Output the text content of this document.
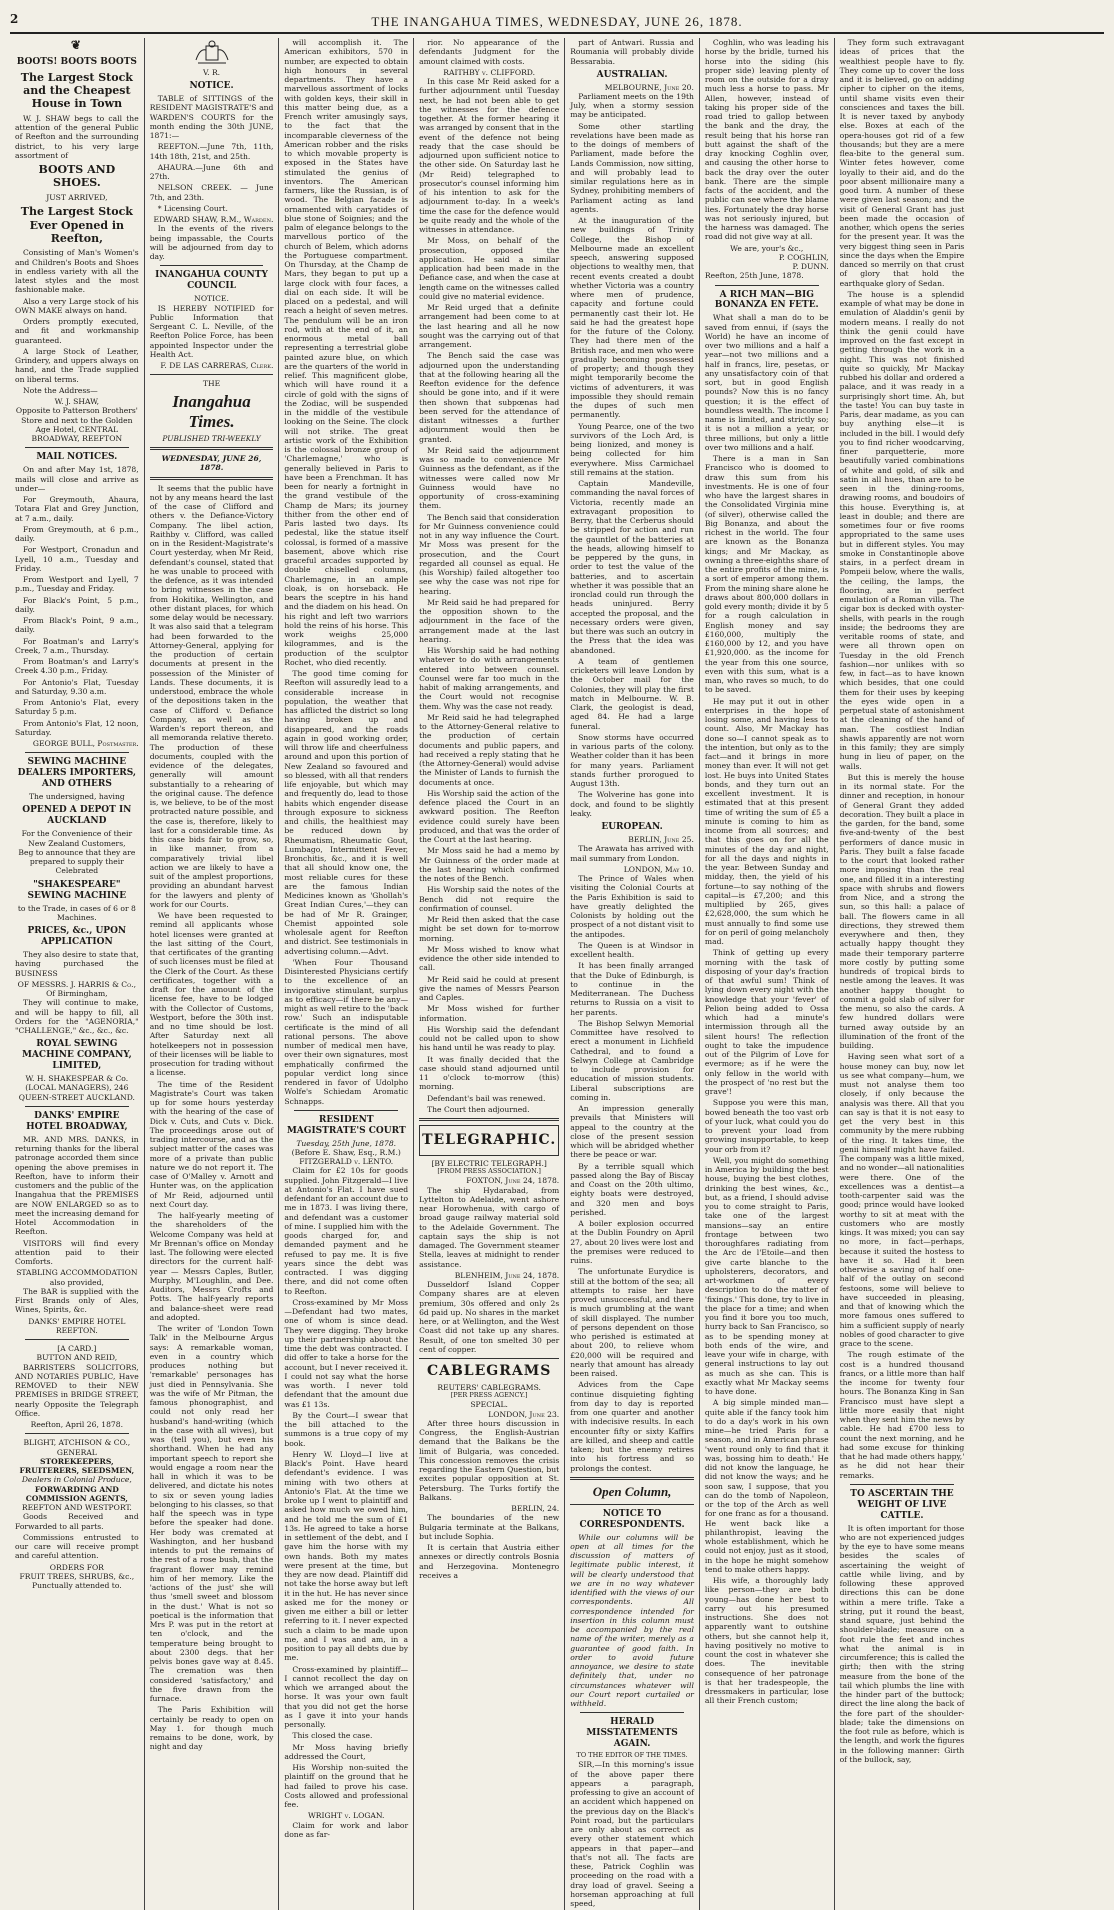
2	THE INANGAHUA TIMES, WEDNESDAY, JUNE 26, 1878.
❦
BOOTS! BOOTS BOOTS
The Largest Stock and the Cheapest House in Town

W. J. SHAW begs to call the attention of the general Public of Reefton and the surrounding district, to his very large assortment of

BOOTS AND SHOES.
JUST ARRIVED,
The Largest Stock Ever Opened in Reefton,

Consisting of Man's Women's and Children's Boots and Shoes in endless variety with all the latest styles and the most fashionable make.

Also a very Large stock of his OWN MAKE always on hand.

Orders promptly executed, and fit and workmanship guaranteed.

A large Stock of Leather, Grindery, and uppers always on hand, and the Trade supplied on liberal terms.

Note the Address—

W. J. SHAW,
Opposite to Patterson Brothers' Store and next to the Golden Age Hotel, CENTRAL BROADWAY, REEFTON
MAIL NOTICES.

On and after May 1st, 1878, mails will close and arrive as under—

For Greymouth, Ahaura, Totara Flat and Grey Junction, at 7 a.m., daily.

From Greymouth, at 6 p.m., daily.

For Westport, Cronadun and Lyell, 10 a.m., Tuesday and Friday.

From Westport and Lyell, 7 p.m., Tuesday and Friday.

For Black's Point, 5 p.m., daily.

From Black's Point, 9 a.m., daily.

For Boatman's and Larry's Creek, 7 a.m., Thursday.

From Boatman's and Larry's Creek 4.30 p.m., Friday.

For Antonio's Flat, Tuesday and Saturday, 9.30 a.m.

From Antonio's Flat, every Saturday 5 p.m.

From Antonio's Flat, 12 noon, Saturday.

GEORGE BULL, Postmaster.
SEWING MACHINE DEALERS IMPORTERS, AND OTHERS
The undersigned, having
OPENED A DEPOT IN AUCKLAND
For the Convenience of their New Zealand Customers,
Beg to announce that they are prepared to supply their Celebrated
"SHAKESPEARE" SEWING MACHINE
to the Trade, in cases of 6 or 8 Machines.
PRICES, &c., UPON APPLICATION

They also desire to state that, having purchased the BUSINESS

OF MESSRS. J. HARRIS & Co.,
Of Birmingham,

They will continue to make, and will be happy to fill, all Orders for the "AGENORIA," "CHALLENGE," &c., &c., &c.

ROYAL SEWING MACHINE COMPANY, LIMITED,
W. H. SHAKESPEAR & Co. (LOCAL MANAGERS), 246 QUEEN-STREET AUCKLAND.
DANKS' EMPIRE HOTEL BROADWAY,

MR. AND MRS. DANKS, in returning thanks for the liberal patronage accorded them since opening the above premises in Reefton, have to inform their customers and the public of the Inangahua that the PREMISES are NOW ENLARGED so as to meet the increasing demand for Hotel Accommodation in Reefton.

VISITORS will find every attention paid to their Comforts.

STABLING ACCOMMODATION also provided,

The BAR is supplied with the First Brands only of Ales, Wines, Spirits, &c.

DANKS' EMPIRE HOTEL REEFTON.
[A CARD.]
BUTTON AND REID,

BARRISTERS SOLICITORS, AND NOTARIES PUBLIC, Have REMOVED to their NEW PREMISES in BRIDGE STREET, nearly Opposite the Telegraph Office.

Reefton, April 26, 1878.
BLIGHT, ATCHISON & CO.,
GENERAL
STOREKEEPERS, FRUITERERS, SEEDSMEN,
Dealers in Colonial Produce,
FORWARDING AND COMMISSION AGENTS,
REEFTON AND WESTPORT.

Goods Received and Forwarded to all parts.

Commissions entrusted to our care will receive prompt and careful attention.

ORDERS FOR
FRUIT TREES, SHRUBS, &c., Punctually attended to.
V. R.
NOTICE.

TABLE of SITTINGS of the RESIDENT MAGISTRATE'S and WARDEN'S COURTS for the month ending the 30th JUNE, 1871:—

REEFTON.—June 7th, 11th, 14th 18th, 21st, and 25th.

AHAURA.—June 6th and 27th.

NELSON CREEK. — June 7th, and 23th.

* Licensing Court.

EDWARD SHAW, R.M., Warden.

In the events of the rivers being impassable, the Courts will be adjourned from day to day.

INANGAHUA COUNTY COUNCIL
NOTICE.

IS HEREBY NOTIFIED for Public Information that Sergeant C. L. Neville, of the Reefton Police Force, has been appointed Inspector under the Health Act.

F. DE LAS CARRERAS, Clerk.
THE
Inangahua Times.
PUBLISHED TRI-WEEKLY
WEDNESDAY, JUNE 26, 1878.

It seems that the public have not by any means heard the last of the case of Clifford and others v. the Defiance-Victory Company. The libel action, Raithby v. Clifford, was called on in the Resident-Magistrate's Court yesterday, when Mr Reid, defendant's counsel, stated that he was unable to proceed with the defence, as it was intended to bring witnesses in the case from Hokitika, Wellington, and other distant places, for which some delay would be necessary. It was also said that a telegram had been forwarded to the Attorney-General, applying for the production of certain documents at present in the possession of the Minister of Lands. These documents, it is understood, embrace the whole of the depositions taken in the case of Clifford v. Defiance Company, as well as the Warden's report thereon, and all memoranda relative thereto. The production of these documents, coupled with the evidence of the delegates, generally will amount substantially to a rehearing of the original cause. The defence is, we believe, to be of the most protracted nature possible, and the case is, therefore, likely to last for a considerable time. As this case bids fair to grow, so, in like manner, from a comparatively trivial libel action we are likely to have a suit of the amplest proportions, providing an abundant harvest for the lawyers and plenty of work for our Courts.

We have been requested to remind all applicants whose hotel licenses were granted at the last sitting of the Court, that certificates of the granting of such licenses must be filed at the Clerk of the Court. As these certificates, together with a draft for the amount of the license fee, have to be lodged with the Collector of Customs, Westport, before the 30th inst. and no time should be lost. After Saturday next all hotelkeepers not in possession of their licenses will be liable to prosecution for trading without a license.

The time of the Resident Magistrate's Court was taken up for some hours yesterday with the hearing of the case of Dick v. Cuts, and Cuts v. Dick. The proceedings arose out of trading intercourse, and as the subject matter of the cases was more of a private than public nature we do not report it. The case of O'Malley v. Arnott and Hunter was, on the application of Mr Reid, adjourned until next Court day.

The half-yearly meeting of the shareholders of the Welcome Company was held at Mr Brennan's office on Monday last. The following were elected directors for the current half-year — Messrs Caples, Butler, Murphy, M'Loughlin, and Dee. Auditors, Messrs Crofts and Potts. The half-yearly reports and balance-sheet were read and adopted.

The writer of 'London Town Talk' in the Melbourne Argus says: A remarkable woman, even in a country which produces nothing but 'remarkable' personages has just died in Pennsylvania. She was the wife of Mr Pitman, the famous phonographist, and could not only read her husband's hand-writing (which in the case with all wives), but was (tell you), but even his shorthand. When he had any important speech to report she would engage a room near the hall in which it was to be delivered, and dictate his notes to six or seven young ladies belonging to his classes, so that half the speech was in type before the speaker had done. Her body was cremated at Washington, and her husband intends to put the remains of the rest of a rose bush, that the fragrant flower may remind him of her memory. Like the 'actions of the just' she will thus 'smell sweet and blossom in the dust.' What is not so poetical is the information that Mrs P. was put in the retort at ten o'clock, and the temperature being brought to about 2300 degs. that her pelvis bones gave way at 8.45. The cremation was then considered 'satisfactory,' and the five drawn from the furnace.

The Paris Exhibition will certainly be ready to open on May 1. for though much remains to be done, work, by night and day

will accomplish it. The American exhibitors, 570 in number, are expected to obtain high honours in several departments. They have a marvellous assortment of locks with golden keys, their skill in this matter being due, as a French writer amusingly says, to the fact that the incomparable cleverness of the American robber and the risks to which movable property is exposed in the States have stimulated the genius of inventors. The American farmers, like the Russian, is of wood. The Belgian facade is ornamented with caryatides of blue stone of Soignies; and the palm of elegance belongs to the marvellous portico of the church of Belem, which adorns the Portuguese compartment. On Thursday, at the Champ de Mars, they began to put up a large clock with four faces, a dial on each side. It will be placed on a pedestal, and will reach a height of seven metres. The pendulum will be an iron rod, with at the end of it, an enormous metal ball representing a terrestrial globe painted azure blue, on which are the quarters of the world in relief. This magnificent globe, which will have round it a circle of gold with the signs of the Zodiac, will be suspended in the middle of the vestibule looking on the Seine. The clock will not strike. The great artistic work of the Exhibition is the colossal bronze group of 'Charlemagne,' who is generally believed in Paris to have been a Frenchman. It has been for nearly a fortnight in the grand vestibule of the Champ de Mars; its journey thither from the other end of Paris lasted two days. Its pedestal, like the statue itself colossal, is formed of a massive basement, above which rise graceful arcades supported by double chiselled columns, Charlemagne, in an ample cloak, is on horseback. He bears the sceptre in his hand and the diadem on his head. On his right and left two warriors hold the reins of his horse. This work weighs 25,000 kilogrammes, and is the production of the sculptor Rochet, who died recently.

The good time coming for Reefton will assuredly lead to a considerable increase in population, the weather that has afflicted the district so long having broken up and disappeared, and the roads again in good working order, will throw life and cheerfulness around and upon this portion of New Zealand so favoured and so blessed, with all that renders life enjoyable, but which may and frequently do, lead to those habits which engender disease through exposure to sickness and chills, the healthiest may be reduced down by Rheumatism, Rheumatic Gout, Lumbago, Intermittent Fever, Bronchitis, &c., and it is well that all should know one, the most reliable cures for these are the famous Indian Medicines known as 'Ghollah's Great Indian Cures,'—they can be had of Mr R. Grainger, Chemist appointed sole wholesale agent for Reefton and district. See testimonials in advertising column.—Advt.

'When Four Thousand Disinterested Physicians certify to the excellence of an invigorative stimulant, surplus as to efficacy—if there be any—might as well retire to the 'back row.' Such an indisputable certificate is the mind of all rational persons. The above number of medical men have, over their own signatures, most emphatically confirmed the popular verdict long since rendered in favor of Udolpho Wolfe's Schiedam Aromatic Schnapps.

RESIDENT MAGISTRATE'S COURT
Tuesday, 25th June, 1878.
(Before E. Shaw, Esq., R.M.)
FITZGERALD v. LENTO.

Claim for £2 10s for goods supplied. John Fitzgerald—I live at Antonio's Flat. I have sued defendant for an account due to me in 1873. I was living there, and defendant was a customer of mine. I supplied him with the goods charged for, and demanded payment and he refused to pay me. It is five years since the debt was contracted. I was digging there, and did not come often to Reefton.

Cross-examined by Mr Moss—Defendant had two mates, one of whom is since dead. They were digging. They broke up their partnership about the time the debt was contracted. I did offer to take a horse for the account, but I never received it. I could not say what the horse was worth. I never told defendant that the amount due was £1 13s.

By the Court—I swear that the bill attached to the summons is a true copy of my book.

Henry W. Lloyd—I live at Black's Point. Have heard defendant's evidence. I was mining with two others at Antonio's Flat. At the time we broke up I went to plaintiff and asked how much we owed him, and he told me the sum of £1 13s. He agreed to take a horse in settlement of the debt, and I gave him the horse with my own hands. Both my mates were present at the time, but they are now dead. Plaintiff did not take the horse away but left it in the hut. He has never since asked me for the money or given me either a bill or letter referring to it. I never expected such a claim to be made upon me, and I was and am, in a position to pay all debts due by me.

Cross-examined by plaintiff—I cannot recollect the day on which we arranged about the horse. It was your own fault that you did not get the horse as I gave it into your hands personally.

This closed the case.

Mr Moss having briefly addressed the Court,

His Worship non-suited the plaintiff on the ground that he had failed to prove his case. Costs allowed and professional fee.

WRIGHT v. LOGAN.

Claim for work and labor done as far-

rior. No appearance of the defendants Judgment for the amount claimed with costs.

RAITHBY v. CLIFFORD.

In this case Mr Reid asked for a further adjournment until Tuesday next, he had not been able to get the witnesses for the defence together. At the former hearing it was arranged by consent that in the event of the defence not being ready that the case should be adjourned upon sufficient notice to the other side. On Saturday last he (Mr Reid) telegraphed to prosecutor's counsel informing him of his intention to ask for the adjournment to-day. In a week's time the case for the defence would be quite ready and the whole of the witnesses in attendance.

Mr Moss, on behalf of the prosecution, opposed the application. He said a similar application had been made in the Defiance case, and when the case at length came on the witnesses called could give no material evidence.

Mr Reid urged that a definite arrangement had been come to at the last hearing and all he now sought was the carrying out of that arrangement.

The Bench said the case was adjourned upon the understanding that at the following hearing all the Reefton evidence for the defence should be gone into, and if it were then shown that subpœnas had been served for the attendance of distant witnesses a further adjournment would then be granted.

Mr Reid said the adjournment was so made to convenience Mr Guinness as the defendant, as if the witnesses were called now Mr Guinness would have no opportunity of cross-examining them.

The Bench said that consideration for Mr Guinness convenience could not in any way influence the Court. Mr Moss was present for the prosecution, and the Court regarded all counsel as equal. He (his Worship) failed altogether too see why the case was not ripe for hearing.

Mr Reid said he had prepared for the opposition shown to the adjournment in the face of the arrangement made at the last hearing.

His Worship said he had nothing whatever to do with arrangements entered into between counsel. Counsel were far too much in the habit of making arrangements, and the Court would not recognise them. Why was the case not ready.

Mr Reid said he had telegraphed to the Attorney-General relative to the production of certain documents and public papers, and had received a reply stating that he (the Attorney-General) would advise the Minister of Lands to furnish the documents at once.

His Worship said the action of the defence placed the Court in an awkward position. The Reefton evidence could surely have been produced, and that was the order of the Court at the last hearing.

Mr Moss said he had a memo by Mr Guinness of the order made at the last hearing which confirmed the notes of the Bench.

His Worship said the notes of the Bench did not require the confirmation of counsel.

Mr Reid then asked that the case might be set down for to-morrow morning.

Mr Moss wished to know what evidence the other side intended to call.

Mr Reid said he could at present give the names of Messrs Pearson and Caples.

Mr Moss wished for further information.

His Worship said the defendant could not be called upon to show his hand until he was ready to play.

It was finally decided that the case should stand adjourned until 11 o'clock to-morrow (this) morning.

Defendant's bail was renewed.

The Court then adjourned.

TELEGRAPHIC.
[BY ELECTRIC TELEGRAPH.]
[FROM PRESS ASSOCIATION.]
FOXTON, June 24, 1878.

The ship Hydarabad, from Lyttelton to Adelaide, went ashore near Horowhenua, with cargo of broad gauge railway material sold to the Adelaide Government. The captain says the ship is not damaged. The Government steamer Stella, leaves at midnight to render assistance.

BLENHEIM, June 24, 1878.

Dusseldorf Island Copper Company shares are at eleven premium, 30s offered and only 2s 6d paid up. No shares in the market here, or at Wellington, and the West Coast did not take up any shares. Result, of one ton smelted 30 per cent of copper.

CABLEGRAMS
REUTERS' CABLEGRAMS.
[PER PRESS AGENCY.]
SPECIAL.
LONDON, June 23.

After three hours discussion in Congress, the English-Austrian demand that the Balkans be the limit of Bulgaria, was conceded. This concession removes the crisis regarding the Eastern Question, but excites popular opposition at St. Petersburg. The Turks fortify the Balkans.

BERLIN, 24.

The boundaries of the new Bulgaria terminate at the Balkans, but include Sophia.

It is certain that Austria either annexes or directly controls Bosnia and Herzegovina. Montenegro receives a

part of Antwari. Russia and Roumania will probably divide Bessarabia.

AUSTRALIAN.
MELBOURNE, June 20.

Parliament meets on the 19th July, when a stormy session may be anticipated.

Some other startling revelations have been made as to the doings of members of Parliament, made before the Lands Commission, now sitting, and will probably lead to similar regulations here as in Sydney, prohibiting members of Parliament acting as land agents.

At the inauguration of the new buildings of Trinity College, the Bishop of Melbourne made an excellent speech, answering supposed objections to wealthy men, that recent events created a doubt whether Victoria was a country where men of prudence, capacity and fortune could permanently cast their lot. He said he had the greatest hope for the future of the Colony. They had there men of the British race, and men who were gradually becoming possessed of property; and though they might temporarily become the victims of adventurers, it was impossible they should remain the dupes of such men permanently.

Young Pearce, one of the two survivors of the Loch Ard, is being lionized, and money is being collected for him everywhere. Miss Carmichael still remains at the station.

Captain Mandeville, commanding the naval forces of Victoria, recently made an extravagant proposition to Berry, that the Cerberus should be stripped for action and run the gauntlet of the batteries at the heads, allowing himself to be peppered by the guns, in order to test the value of the batteries, and to ascertain whether it was possible that an ironclad could run through the heads uninjured. Berry accepted the proposal, and the necessary orders were given, but there was such an outcry in the Press that the idea was abandoned.

A team of gentlemen cricketers will leave London by the October mail for the Colonies, they will play the first match in Melbourne. W. B. Clark, the geologist is dead, aged 84. He had a large funeral.

Snow storms have occurred in various parts of the colony. Weather colder than it has been for many years. Parliament stands further prorogued to August 13th.

The Wolverine has gone into dock, and found to be slightly leaky.

EUROPEAN.
BERLIN, June 25.

The Arawata has arrived with mail summary from London.

LONDON, May 10.

The Prince of Wales when visiting the Colonial Courts at the Paris Exhibition is said to have greatly delighted the Colonists by holding out the prospect of a not distant visit to the antipodes.

The Queen is at Windsor in excellent health.

It has been finally arranged that the Duke of Edinburgh, is to continue in the Mediterranean. The Duchess returns to Russia on a visit to her parents.

The Bishop Selwyn Memorial Committee have resolved to erect a monument in Lichfield Cathedral, and to found a Selwyn College at Cambridge to include provision for education of mission students. Liberal subscriptions are coming in.

An impression generally prevails that Ministers will appeal to the country at the close of the present session which will be abridged whether there be peace or war.

By a terrible squall which passed along the Bay of Biscay and Coast on the 20th ultimo, eighty boats were destroyed, and 320 men and boys perished.

A boiler explosion occurred at the Dublin Foundry on April 27, about 20 lives were lost and the premises were reduced to ruins.

The unfortunate Eurydice is still at the bottom of the sea; all attempts to raise her have proved unsuccessful, and there is much grumbling at the want of skill displayed. The number of persons dependent on those who perished is estimated at about 200, to relieve whom £20,000 will be required and nearly that amount has already been raised.

Advices from the Cape continue disquieting fighting from day to day is reported from one quarter and another with indecisive results. In each encounter fifty or sixty Kaffirs are killed, and sheep and cattle taken; but the enemy retires into his fortress and so prolongs the contest.

Open Column,
NOTICE TO CORRESPONDENTS.

While our columns will be open at all times for the discussion of matters of legitimate public interest, it will be clearly understood that we are in no way whatever identified with the views of our correspondents. All correspondence intended for insertion in this column must be accompanied by the real name of the writer, merely as a guarantee of good faith. In order to avoid future annoyance, we desire to state definitely that, under no circumstances whatever will our Court report curtailed or withheld.

HERALD MISSTATEMENTS AGAIN.
TO THE EDITOR OF THE TIMES.

SIR,—In this morning's issue of the above paper there appears a paragraph, professing to give an account of an accident which happened on the previous day on the Black's Point road, but the particulars are only about as correct as every other statement which appears in that paper—and that's not all. The facts are these, Patrick Coghlin was proceeding on the road with a dray load of gravel. Seeing a horseman approaching at full speed,

Coghlin, who was leading his horse by the bridle, turned his horse into the siding (his proper side) leaving plenty of room on the outside for a dray much less a horse to pass. Mr Allen, however, instead of taking his proper side of the road tried to gallop between the bank and the dray, the result being that his horse ran butt against the shaft of the dray knocking Coghlin over, and causing the other horse to back the dray over the outer bank. There are the simple facts of the accident, and the public can see where the blame lies. Fortunately the dray horse was not seriously injured, but the harness was damaged. The road did not give way at all.

We are, your's &c.,
P. COGHLIN,
P. DUNN.
Reefton, 25th June, 1878.
A RICH MAN—BIG BONANZA EN FETE.

What shall a man do to be saved from ennui, if (says the World) he have an income of over two millions and a half a year—not two millions and a half in francs, lire, pesetas, or any unsatisfactory coin of that sort, but in good English pounds? Now this is no fancy question; it is the effect of boundless wealth. The income I name is limited, and strictly so; it is not a million a year, or three millions, but only a little over two millions and a half.

There is a man in San Francisco who is doomed to draw this sum from his investments. He is one of four who have the largest shares in the Consolidated Virginia mine (of silver), otherwise called the Big Bonanza, and about the richest in the world. The four are known as the Bonanza kings; and Mr Mackay, as owning a three-eighths share of the entire profits of the mine, is a sort of emperor among them. From the mining share alone he draws about 800,000 dollars in gold every month; divide it by 5 for a rough calculation in English money and say £160,000, multiply the £160,000 by 12, and you have £1,920,000. as the income for the year from this one source, even with this sum, what is a man, who raves so much, to do to be saved.

He may put it out in other enterprises in the hope of losing some, and having less to count. Also, Mr Mackay has done so—I cannot speak as to the intention, but only as to the fact—and it brings in more money than ever. It will not get lost. He buys into United States bonds, and they turn out an excellent investment. It is estimated that at this present time of writing the sum of £5 a minute is coming to him as income from all sources; and that this goes on for all the minutes of the day and night, for all the days and nights in the year. Between Sunday and midday, then, the yield of his fortune—to say nothing of the capital—is £7,200; and this multiplied by 265, gives £2,628,000, the sum which he must annually to find some use for on peril of going melancholy mad.

Think of getting up every morning with the task of disposing of your day's fraction of that awful sum! Think of lying down every night with the knowledge that your 'fever' of Pelion being added to Ossa which had a minute's intermission through all the silent hours! The reflection ought to take the impudence out of the Pilgrim of Love for evermore; as if he were the only fellow in the world with the prospect of 'no rest but the grave'!

Suppose you were this man, bowed beneath the too vast orb of your luck, what could you do to prevent your load from growing insupportable, to keep your orb from it?

Well, you might do something in America by building the best house, buying the best clothes, drinking the best wines, &c., but, as a friend, I should advise you to come straight to Paris, take one of the largest mansions—say an entire frontage between two thoroughfares radiating from the Arc de l'Etoile—and then give carte blanche to the upholsterers, decorators, and art-workmen of every description to do the matter of 'fixings.' This done, try to live in the place for a time; and when you find it bore you too much, hurry back to San Francisco, so as to be spending money at both ends of the wire, and leave your wife in charge, with general instructions to lay out as much as she can. This is exactly what Mr Mackay seems to have done.

A big simple minded man—quite able if the fancy took him to do a day's work in his own mine—he tried Paris for a season, and in American phrase 'went round only to find that it was, bossing him to death.' He did not know the language, he did not know the ways; and he soon saw, I suppose, that you can do the tomb of Napoleon, or the top of the Arch as well for one franc as for a thousand. He went back like a philanthropist, leaving the whole establishment, which he could not enjoy, just as it stood, in the hope he might somehow tend to make others happy.

His wife, a thoroughly lady like person—they are both young—has done her best to carry out his presumed instructions. She does not apparently want to outshine others, but she cannot help it, having positively no motive to count the cost in whatever she does. The inevitable consequence of her patronage is that her tradespeople, the dressmakers in particular, lose all their French custom;

They form such extravagant ideas of prices that the wealthiest people have to fly. They come up to cover the loss and it is believed, go on adding cipher to cipher on the items, until shame visits even their consciences and taxes the bill. It is never taxed by anybody else. Boxes at each of the opera-houses got rid of a few thousands; but they are a mere flea-bite to the general sum. Winter fetes however, come loyally to their aid, and do the poor absent millionaire many a good turn. A number of these were given last season; and the visit of General Grant has just been made the occasion of another, which opens the series for the present year. It was the very biggest thing seen in Paris since the days when the Empire danced so merrily on that crust of glory that hold the earthquake glory of Sedan.

The house is a splendid example of what may be done in emulation of Aladdin's genii by modern means. I really do not think the genii could have improved on the fast except in getting through the work in a night. This was not finished quite so quickly, Mr Mackay rubbed his dollar and ordered a palace, and it was ready in a surprisingly short time. Ah, but the taste! You can buy taste in Paris, dear madame, as you can buy anything else—it is included in the bill. I would defy you to find richer woodcarving, finer parquetterie, more beautifully varied combinations of white and gold, of silk and satin in all hues, than are to be seen in the dining-rooms, drawing rooms, and boudoirs of this house. Everything is, at least in double; and there are sometimes four or five rooms appropriated to the same uses but in different styles. You may smoke in Constantinople above stairs, in a perfect dream in Pompeii below, where the walls, the ceiling, the lamps, the flooring, are in perfect emulation of a Roman villa. The cigar box is decked with oyster-shells, with pearls in the rough inside; the bedrooms they are veritable rooms of state, and were all thrown open on Tuesday in the old French fashion—nor unlikes with so few, in fact—as to have known which besides, that one could them for their uses by keeping the eyes wide open in a perpetual state of astonishment at the cleaning of the hand of man. The costliest Indian shawls apparently are not worn in this family; they are simply hung in lieu of paper, on the walls.

But this is merely the house in its normal state. For the dinner and reception, in honour of General Grant they added decoration. They built a place in the garden, for the band, some five-and-twenty of the best performers of dance music in Paris. They built a false facade to the court that looked rather more imposing than the real one, and filled it in a interesting space with shrubs and flowers from Nice, and a strong the sun, so this hall: a palace of ball. The flowers came in all directions, they strewed them everywhere and then, they actually happy thought they made their temporary parterre more costly by putting some hundreds of tropical birds to nestle among the leaves. It was another happy thought to commit a gold slab of silver for the menu, so also the cards. A few hundred dollars were turned away outside by an illumination of the front of the building.

Having seen what sort of a house money can buy, now let us see what company—hum, we must not analyse them too closely, if only because the analysis was there. All that you can say is that it is not easy to get the very best in this community by the mere rubbing of the ring. It takes time, the genii himself might have failed. The company was a little mixed, and no wonder—all nationalities were there. One of the excellences was a dentist—a tooth-carpenter said was the good; prince would have looked worthy to sit at meat with the customers who are mostly kings. It was mixed; you can say no more, in fact—perhaps, because it suited the hostess to have it so. Had it been otherwise a saving of half one-half of the outlay on second festoons, some will believe to have succeeded in pleasing, and that of knowing which the more famous ones suffered to him a sufficient supply of nearly nobles of good character to give grace to the scene.

The rough estimate of the cost is a hundred thousand francs, or a little more than half the income for twenty four hours. The Bonanza King in San Francisco must have slept a little more easily that night when they sent him the news by cable. He had £700 less to count the next morning, and he had some excuse for thinking that he had made others happy,' as he did not hear their remarks.

TO ASCERTAIN THE WEIGHT OF LIVE CATTLE.

It is often important for those who are not experienced judges by the eye to have some means besides the scales of ascertaining the weight of cattle while living, and by following these approved directions this can be done within a mere trifle. Take a string, put it round the beast, stand square, just behind the shoulder-blade; measure on a foot rule the feet and inches what the animal is in circumference; this is called the girth; then with the string measure from the bone of the tail which plumbs the line with the hinder part of the buttock; direct the line along the back of the fore part of the shoulder-blade; take the dimensions on the foot rule as before, which is the length, and work the figures in the following manner: Girth of the bullock, say,
